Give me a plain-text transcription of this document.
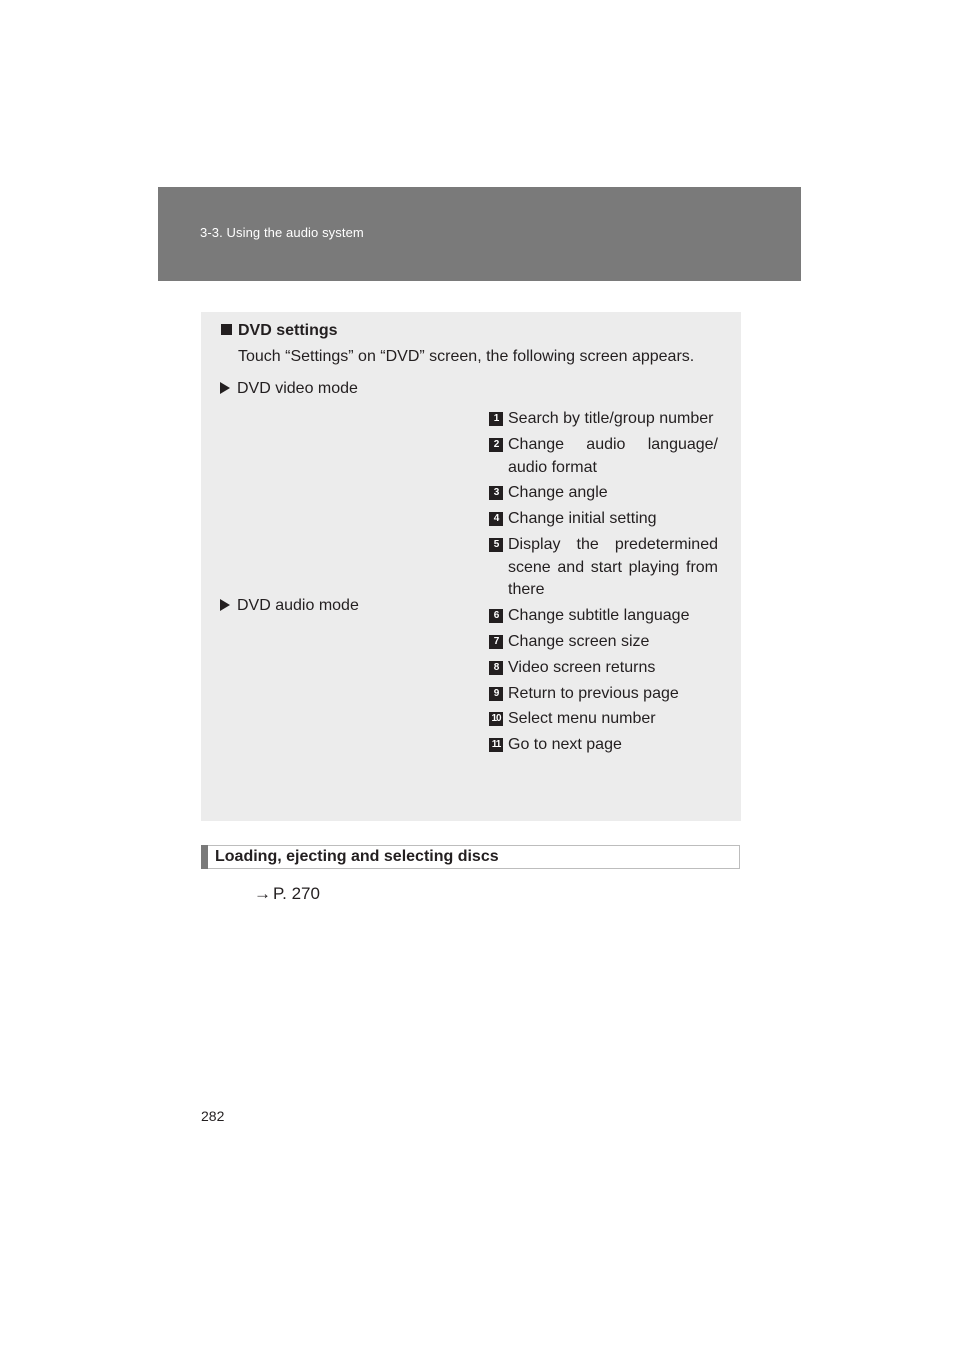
3-3. Using the audio system
DVD settings
Touch “Settings” on “DVD” screen, the following screen appears.
DVD video mode
DVD audio mode
1 Search by title/group number
2 Change audio language/ audio format
3 Change angle
4 Change initial setting
5 Display the predetermined scene and start playing from there
6 Change subtitle language
7 Change screen size
8 Video screen returns
9 Return to previous page
10 Select menu number
11 Go to next page
Loading, ejecting and selecting discs
→ P. 270
282
